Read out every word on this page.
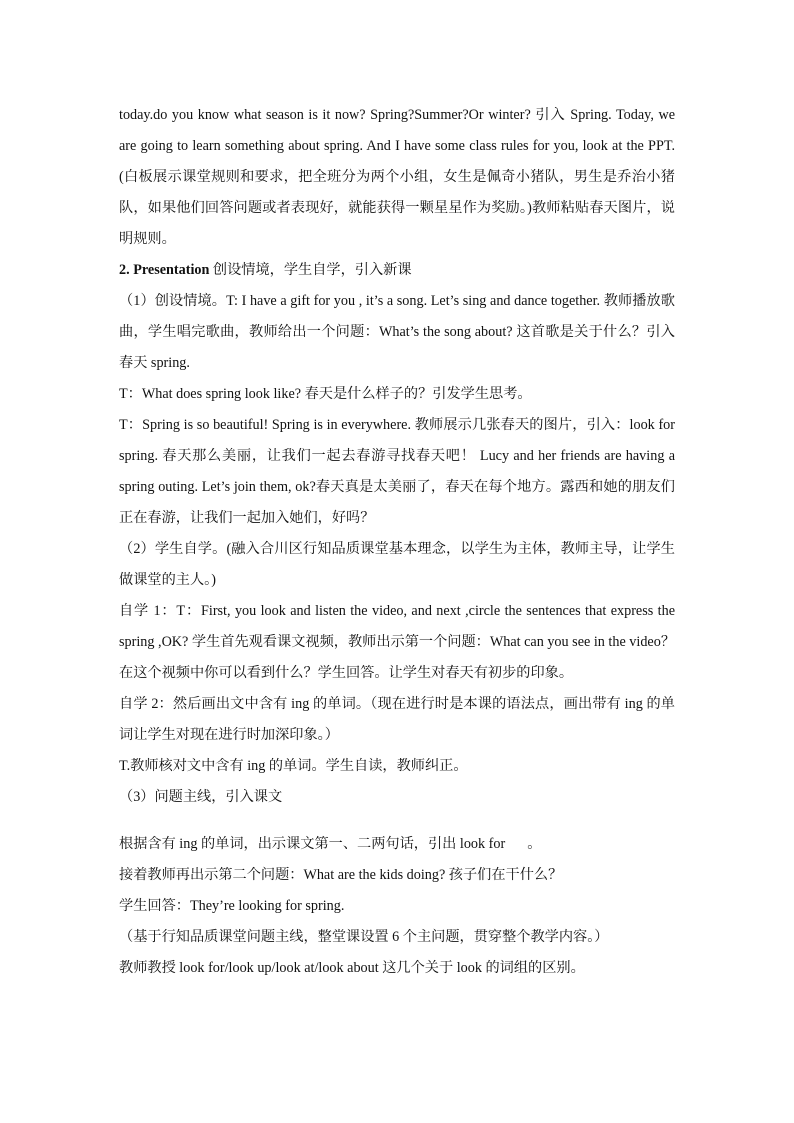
today.do you know what season is it now? Spring?Summer?Or winter? 引入 Spring. Today, we are going to learn something about spring. And I have some class rules for you, look at the PPT.(白板展示课堂规则和要求，把全班分为两个小组，女生是佩奇小猪队，男生是乔治小猪队，如果他们回答问题或者表现好，就能获得一颗星星作为奖励。)教师粘贴春天图片，说明规则。

2. Presentation 创设情境，学生自学，引入新课

（1）创设情境。T: I have a gift for you , it’s a song. Let’s sing and dance together. 教师播放歌曲，学生唱完歌曲，教师给出一个问题：What’s the song about? 这首歌是关于什么？引入春天 spring.

T：What does spring look like? 春天是什么样子的？引发学生思考。

T：Spring is so beautiful! Spring is in everywhere. 教师展示几张春天的图片，引入：look for spring. 春天那么美丽，让我们一起去春游寻找春天吧！ Lucy and her friends are having a spring outing. Let’s join them, ok?春天真是太美丽了，春天在每个地方。露西和她的朋友们正在春游，让我们一起加入她们，好吗？

（2）学生自学。(融入合川区行知品质课堂基本理念，以学生为主体，教师主导，让学生做课堂的主人。)

自学 1：T：First, you look and listen the video, and next ,circle the sentences that express the spring ,OK? 学生首先观看课文视频，教师出示第一个问题：What can you see in the video？在这个视频中你可以看到什么？学生回答。让学生对春天有初步的印象。

自学 2：然后画出文中含有 ing 的单词。（现在进行时是本课的语法点，画出带有 ing 的单词让学生对现在进行时加深印象。）

T.教师核对文中含有 ing 的单词。学生自读，教师纠正。

（3）问题主线，引入课文

根据含有 ing 的单词，出示课文第一、二两句话，引出 look for 。

接着教师再出示第二个问题：What are the kids doing? 孩子们在干什么？

学生回答：They’re looking for spring.

（基于行知品质课堂问题主线，整堂课设置 6 个主问题，贯穿整个教学内容。）

教师教授 look for/look up/look at/look about 这几个关于 look 的词组的区别。
